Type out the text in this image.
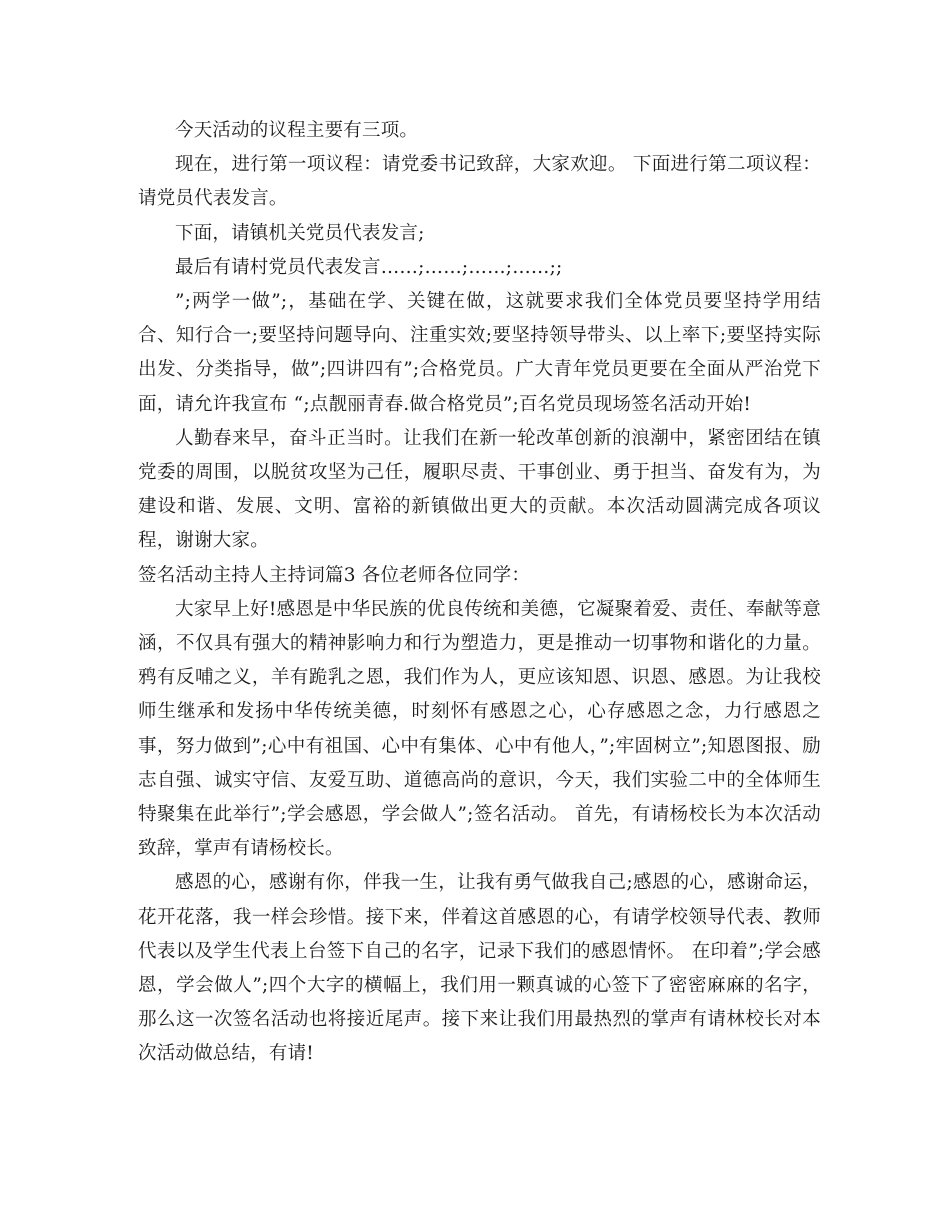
今天活动的议程主要有三项。

现在，进行第一项议程：请党委书记致辞，大家欢迎。 下面进行第二项议程：请党员代表发言。

下面，请镇机关党员代表发言;

最后有请村党员代表发言……;……;……;……;;

”;两学一做”;，基础在学、关键在做，这就要求我们全体党员要坚持学用结合、知行合一;要坚持问题导向、注重实效;要坚持领导带头、以上率下;要坚持实际出发、分类指导，做”;四讲四有”;合格党员。广大青年党员更要在全面从严治党下面，请允许我宣布 “;点靓丽青春.做合格党员”;百名党员现场签名活动开始!

人勤春来早，奋斗正当时。让我们在新一轮改革创新的浪潮中，紧密团结在镇党委的周围，以脱贫攻坚为己任，履职尽责、干事创业、勇于担当、奋发有为，为建设和谐、发展、文明、富裕的新镇做出更大的贡献。本次活动圆满完成各项议程，谢谢大家。

签名活动主持人主持词篇3 各位老师各位同学：

大家早上好!感恩是中华民族的优良传统和美德，它凝聚着爱、责任、奉献等意涵，不仅具有强大的精神影响力和行为塑造力，更是推动一切事物和谐化的力量。鸦有反哺之义，羊有跪乳之恩，我们作为人，更应该知恩、识恩、感恩。为让我校师生继承和发扬中华传统美德，时刻怀有感恩之心，心存感恩之念，力行感恩之事，努力做到”;心中有祖国、心中有集体、心中有他人，”;牢固树立”;知恩图报、励志自强、诚实守信、友爱互助、道德高尚的意识，今天，我们实验二中的全体师生特聚集在此举行”;学会感恩，学会做人”;签名活动。 首先，有请杨校长为本次活动致辞，掌声有请杨校长。

感恩的心，感谢有你，伴我一生，让我有勇气做我自己;感恩的心，感谢命运，花开花落，我一样会珍惜。接下来，伴着这首感恩的心，有请学校领导代表、教师代表以及学生代表上台签下自己的名字，记录下我们的感恩情怀。 在印着”;学会感恩，学会做人”;四个大字的横幅上，我们用一颗真诚的心签下了密密麻麻的名字，那么这一次签名活动也将接近尾声。接下来让我们用最热烈的掌声有请林校长对本次活动做总结，有请!
